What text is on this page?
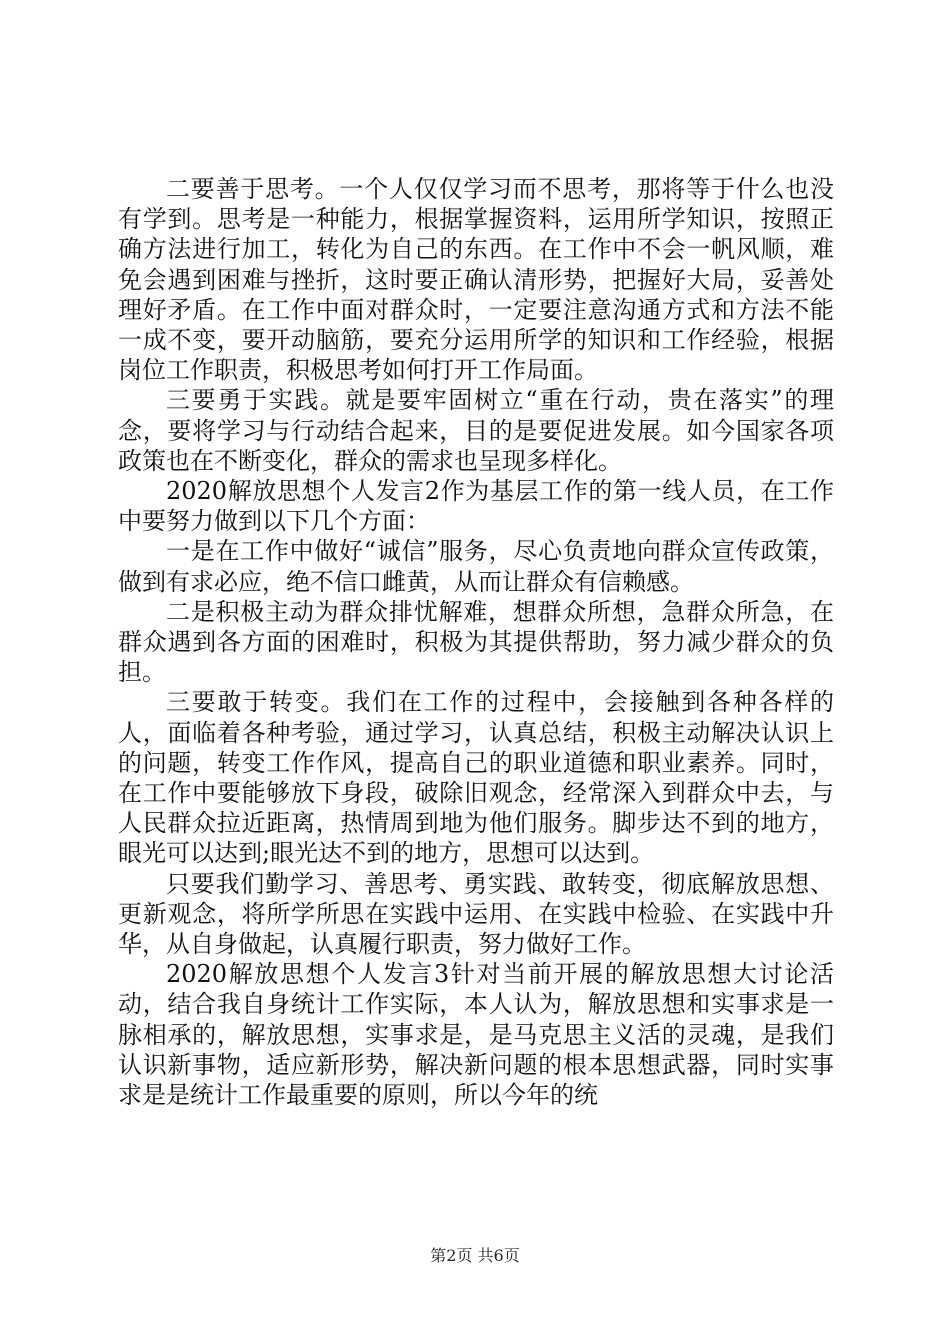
二要善于思考。一个人仅仅学习而不思考，那将等于什么也没有学到。思考是一种能力，根据掌握资料，运用所学知识，按照正确方法进行加工，转化为自己的东西。在工作中不会一帆风顺，难免会遇到困难与挫折，这时要正确认清形势，把握好大局，妥善处理好矛盾。在工作中面对群众时，一定要注意沟通方式和方法不能一成不变，要开动脑筋，要充分运用所学的知识和工作经验，根据岗位工作职责，积极思考如何打开工作局面。

三要勇于实践。就是要牢固树立“重在行动，贵在落实”的理念，要将学习与行动结合起来，目的是要促进发展。如今国家各项政策也在不断变化，群众的需求也呈现多样化。

2020解放思想个人发言2作为基层工作的第一线人员，在工作中要努力做到以下几个方面：

一是在工作中做好“诚信”服务，尽心负责地向群众宣传政策，做到有求必应，绝不信口雌黄，从而让群众有信赖感。

二是积极主动为群众排忧解难，想群众所想，急群众所急，在群众遇到各方面的困难时，积极为其提供帮助，努力减少群众的负担。

三要敢于转变。我们在工作的过程中，会接触到各种各样的人，面临着各种考验，通过学习，认真总结，积极主动解决认识上的问题，转变工作作风，提高自己的职业道德和职业素养。同时，在工作中要能够放下身段，破除旧观念，经常深入到群众中去，与人民群众拉近距离，热情周到地为他们服务。脚步达不到的地方，眼光可以达到;眼光达不到的地方，思想可以达到。

只要我们勤学习、善思考、勇实践、敢转变，彻底解放思想、更新观念，将所学所思在实践中运用、在实践中检验、在实践中升华，从自身做起，认真履行职责，努力做好工作。

2020解放思想个人发言3针对当前开展的解放思想大讨论活动，结合我自身统计工作实际，本人认为，解放思想和实事求是一脉相承的，解放思想，实事求是，是马克思主义活的灵魂，是我们认识新事物，适应新形势，解决新问题的根本思想武器，同时实事求是是统计工作最重要的原则，所以今年的统

第2页 共6页
